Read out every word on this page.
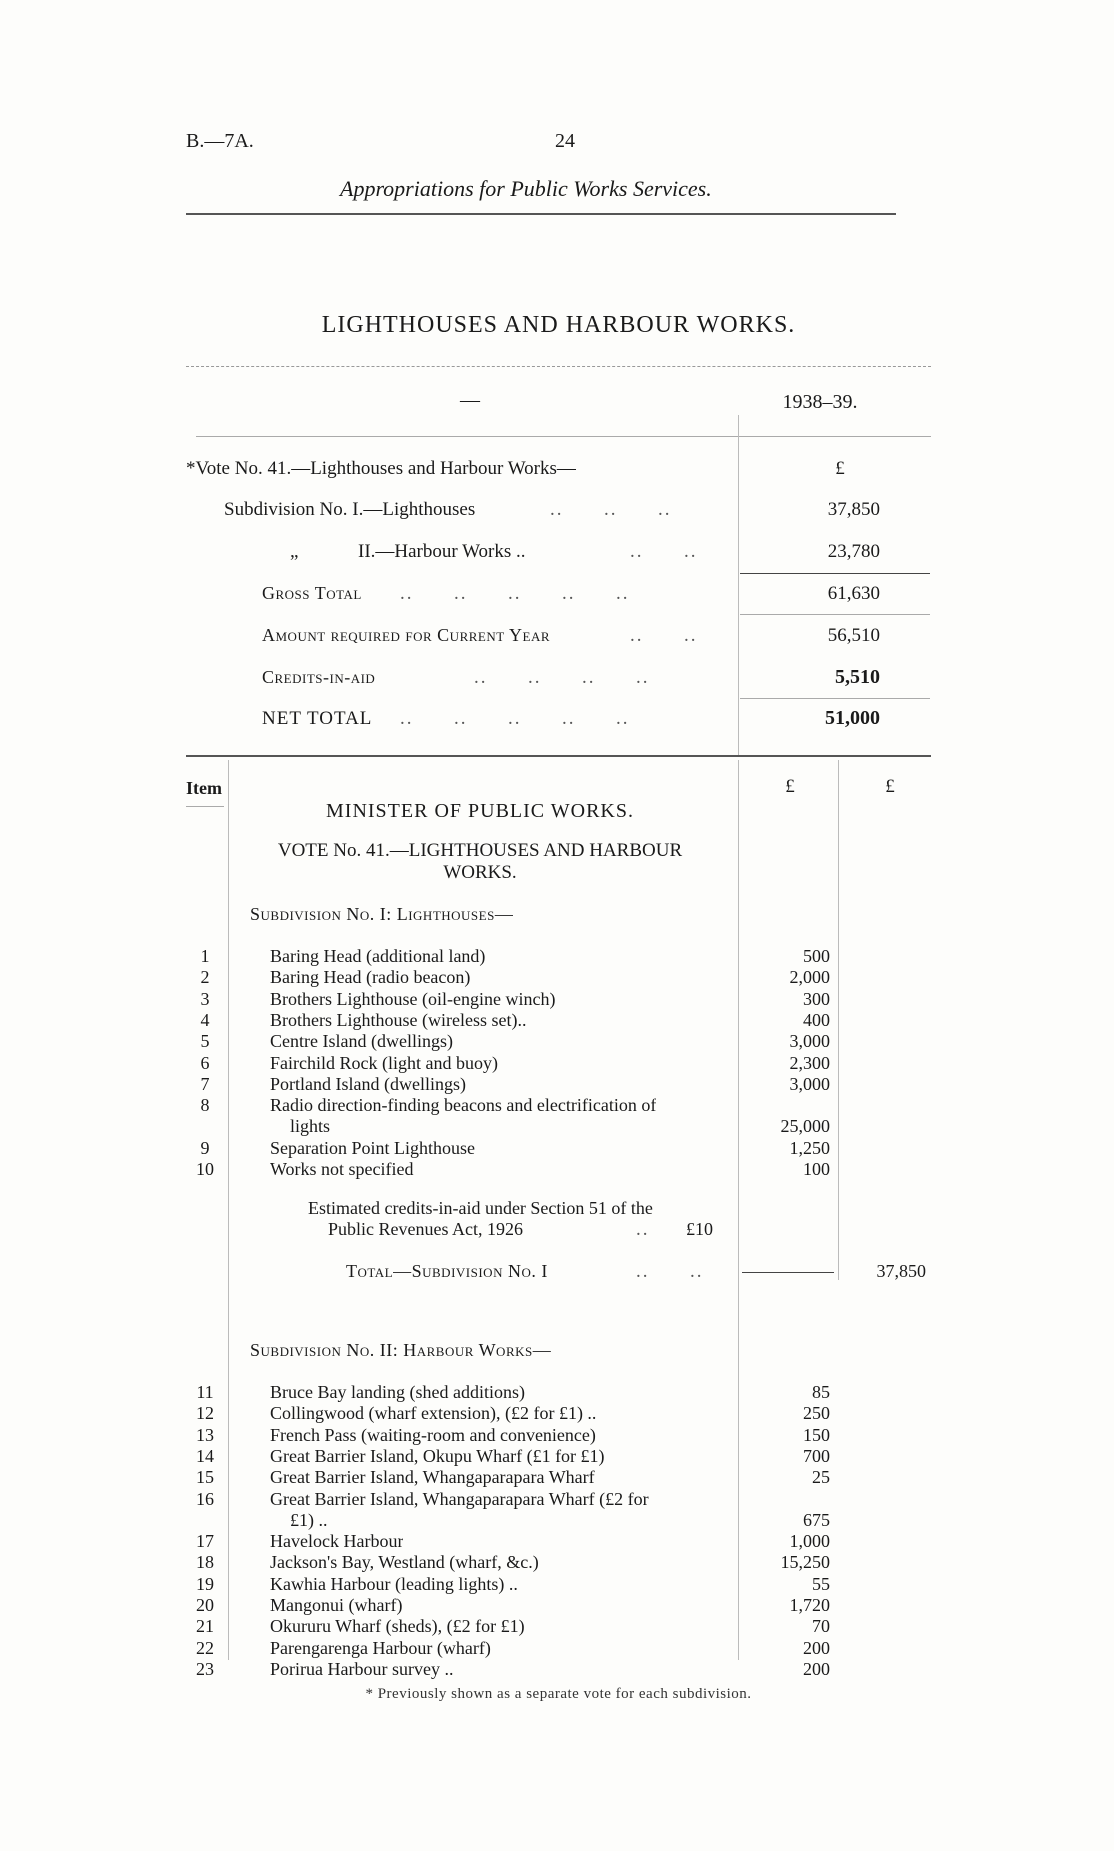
B.—7A.	24
Appropriations for Public Works Services.
LIGHTHOUSES AND HARBOUR WORKS.
—	1938–39.
*Vote No. 41.—Lighthouses and Harbour Works—	£
Subdivision No. I.—Lighthouses	..      ..      ..	37,850
„	II.—Harbour Works ..	..      ..	23,780
Gross Total ..      ..      ..      ..      ..	61,630
Amount required for Current Year	..      ..	56,510
Credits-in-aid	..      ..      ..      ..	5,510
NET TOTAL ..      ..      ..      ..      ..	51,000
Item	£	£
MINISTER OF PUBLIC WORKS.
VOTE No. 41.—LIGHTHOUSES AND HARBOUR
WORKS.
Subdivision No. I: Lighthouses—
1	Baring Head (additional land)	500
2	Baring Head (radio beacon)	2,000
3	Brothers Lighthouse (oil-engine winch)	300
4	Brothers Lighthouse (wireless set)..	400
5	Centre Island (dwellings)	3,000
6	Fairchild Rock (light and buoy)	2,300
7	Portland Island (dwellings)	3,000
8	Radio direction-finding beacons and electrification of
lights	25,000
9	Separation Point Lighthouse	1,250
10	Works not specified	100
Estimated credits-in-aid under Section 51 of the
Public Revenues Act, 1926	.. £10
Total—Subdivision No. I	..      ..	37,850
Subdivision No. II: Harbour Works—
11	Bruce Bay landing (shed additions)	85
12	Collingwood (wharf extension), (£2 for £1) ..	250
13	French Pass (waiting-room and convenience)	150
14	Great Barrier Island, Okupu Wharf (£1 for £1)	700
15	Great Barrier Island, Whangaparapara Wharf	25
16	Great Barrier Island, Whangaparapara Wharf (£2 for
£1) ..	675
17	Havelock Harbour	1,000
18	Jackson's Bay, Westland (wharf, &c.)	15,250
19	Kawhia Harbour (leading lights) ..	55
20	Mangonui (wharf)	1,720
21	Okururu Wharf (sheds), (£2 for £1)	70
22	Parengarenga Harbour (wharf)	200
23	Porirua Harbour survey ..	200
* Previously shown as a separate vote for each subdivision.
